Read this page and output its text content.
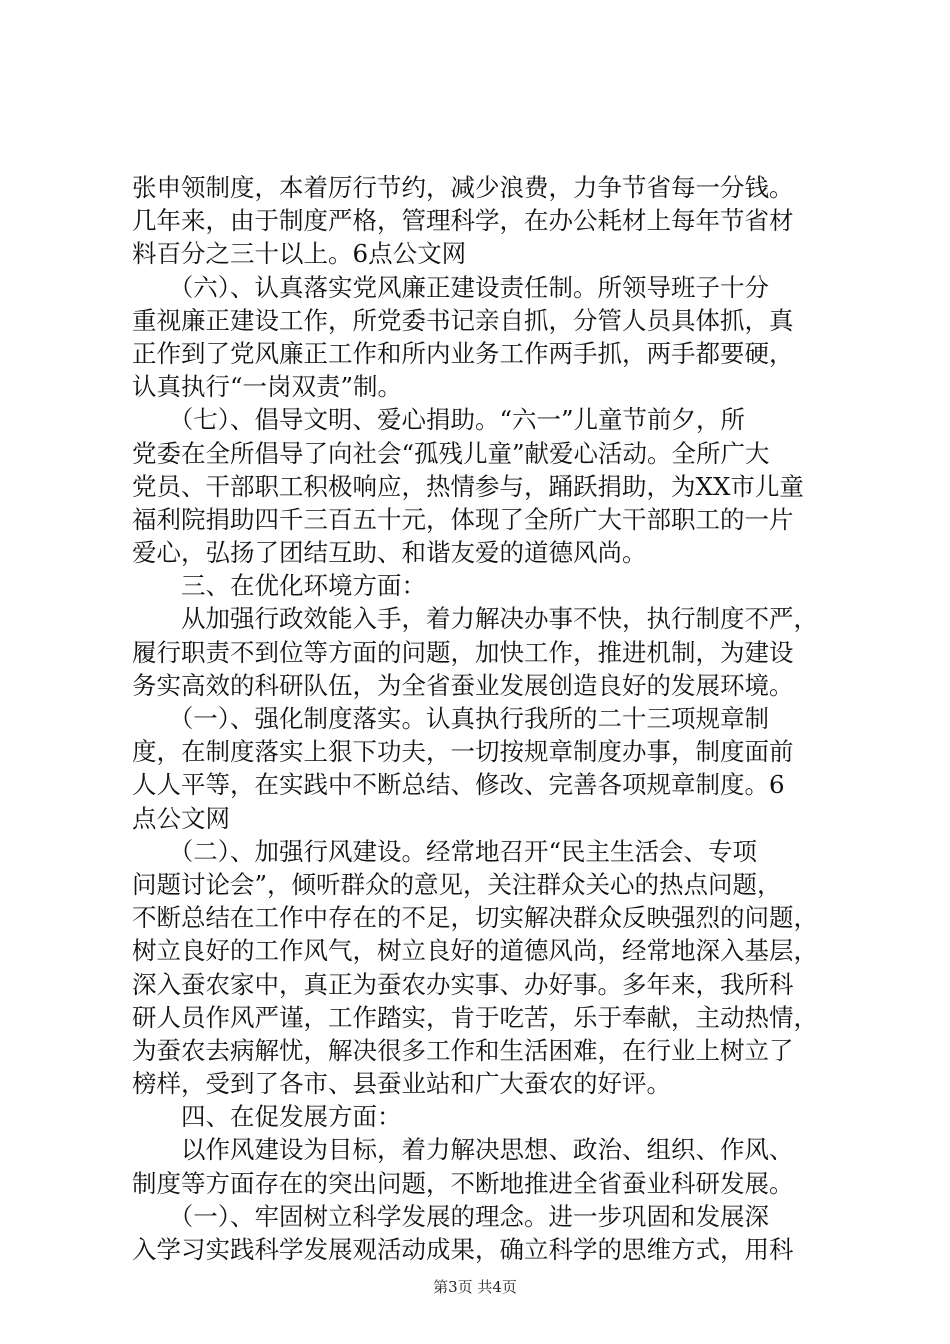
张申领制度，本着厉行节约，减少浪费，力争节省每一分钱。
几年来，由于制度严格，管理科学，在办公耗材上每年节省材
料百分之三十以上。6点公文网
　　（六）、认真落实党风廉正建设责任制。所领导班子十分
重视廉正建设工作，所党委书记亲自抓，分管人员具体抓，真
正作到了党风廉正工作和所内业务工作两手抓，两手都要硬，
认真执行“一岗双责”制。
　　（七）、倡导文明、爱心捐助。“六一”儿童节前夕，所
党委在全所倡导了向社会“孤残儿童”献爱心活动。全所广大
党员、干部职工积极响应，热情参与，踊跃捐助，为XX市儿童
福利院捐助四千三百五十元，体现了全所广大干部职工的一片
爱心，弘扬了团结互助、和谐友爱的道德风尚。
　　三、在优化环境方面：
　　从加强行政效能入手，着力解决办事不快，执行制度不严，
履行职责不到位等方面的问题，加快工作，推进机制，为建设
务实高效的科研队伍，为全省蚕业发展创造良好的发展环境。
　　（一）、强化制度落实。认真执行我所的二十三项规章制
度，在制度落实上狠下功夫，一切按规章制度办事，制度面前
人人平等，在实践中不断总结、修改、完善各项规章制度。6
点公文网
　　（二）、加强行风建设。经常地召开“民主生活会、专项
问题讨论会”，倾听群众的意见，关注群众关心的热点问题，
不断总结在工作中存在的不足，切实解决群众反映强烈的问题，
树立良好的工作风气，树立良好的道德风尚，经常地深入基层，
深入蚕农家中，真正为蚕农办实事、办好事。多年来，我所科
研人员作风严谨，工作踏实，肯于吃苦，乐于奉献，主动热情，
为蚕农去病解忧，解决很多工作和生活困难，在行业上树立了
榜样，受到了各市、县蚕业站和广大蚕农的好评。
　　四、在促发展方面：
　　以作风建设为目标，着力解决思想、政治、组织、作风、
制度等方面存在的突出问题，不断地推进全省蚕业科研发展。
　　（一）、牢固树立科学发展的理念。进一步巩固和发展深
入学习实践科学发展观活动成果，确立科学的思维方式，用科
第3页 共4页
